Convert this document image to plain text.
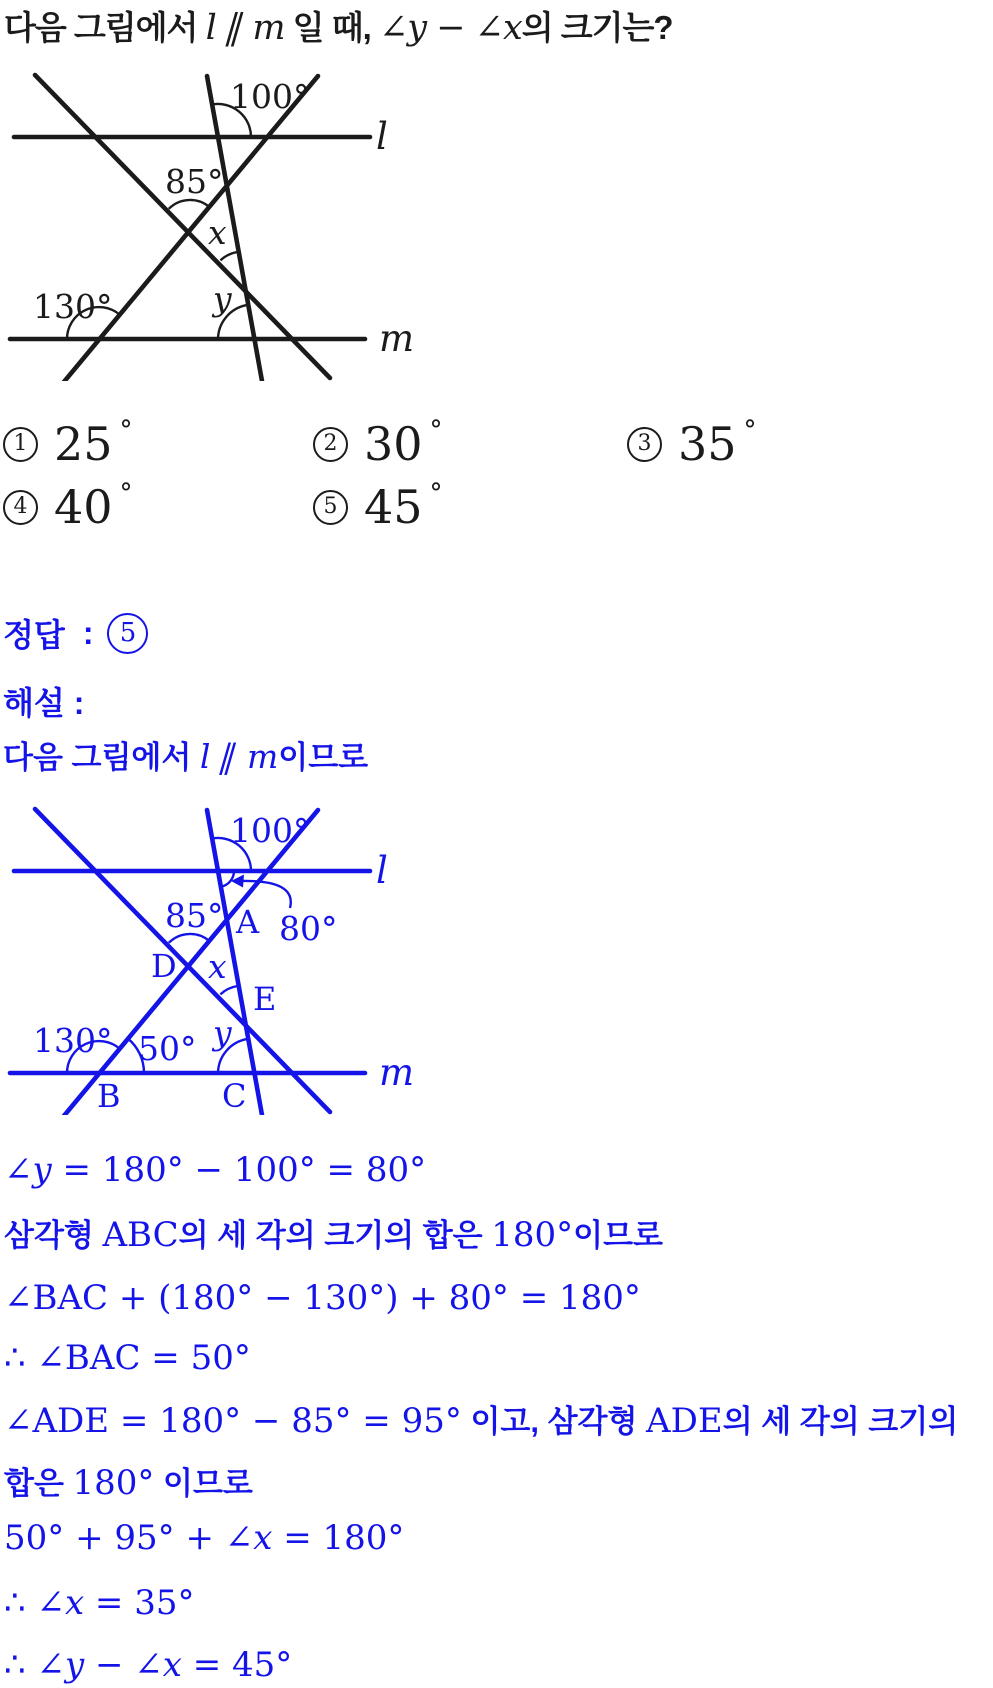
다음 그림에서 l ∥ m 일 때, ∠y − ∠x의 크기는?
100°
85°
x
y
130°
l
m
1 25 °	2 30 °	3 35 °
4 40 °	5 45 °
정답 :	5
해설 :
다음 그림에서 l ∥ m이므로
100°
85°
x
y
130°
80°
50°
A
B	C
D
E
l
m
∠y = 180° − 100° = 80°
삼각형 ABC의 세 각의 크기의 합은 180°이므로
∠BAC + (180° − 130°) + 80° = 180°
∴ ∠BAC = 50°
∠ADE = 180° − 85° = 95° 이고, 삼각형 ADE의 세 각의 크기의
합은 180° 이므로
50° + 95° + ∠x = 180°
∴ ∠x = 35°
∴ ∠y − ∠x = 45°
